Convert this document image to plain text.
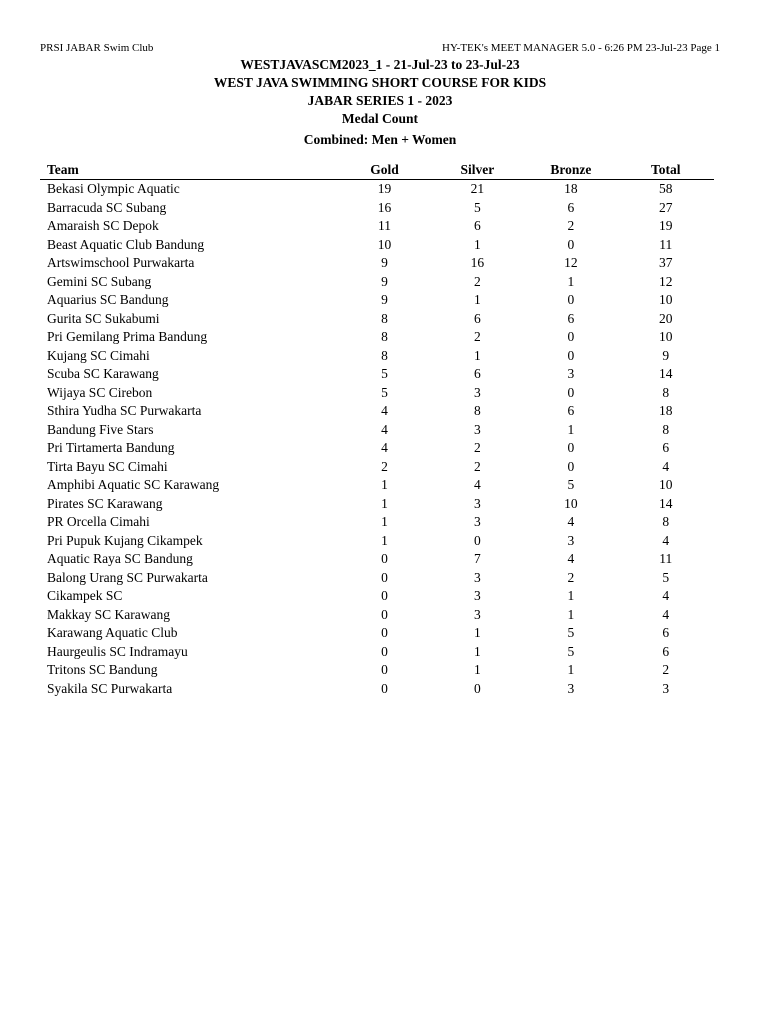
PRSI JABAR Swim Club	HY-TEK's MEET MANAGER 5.0 - 6:26 PM 23-Jul-23 Page 1
WESTJAVASCM2023_1 - 21-Jul-23 to 23-Jul-23
WEST JAVA SWIMMING SHORT COURSE FOR KIDS
JABAR SERIES 1 - 2023
Medal Count
Combined: Men + Women
Team	Gold	Silver	Bronze	Total
Bekasi Olympic Aquatic	19	21	18	58
Barracuda SC Subang	16	5	6	27
Amaraish SC Depok	11	6	2	19
Beast Aquatic Club Bandung	10	1	0	11
Artswimschool Purwakarta	9	16	12	37
Gemini SC Subang	9	2	1	12
Aquarius SC Bandung	9	1	0	10
Gurita SC Sukabumi	8	6	6	20
Pri Gemilang Prima Bandung	8	2	0	10
Kujang SC Cimahi	8	1	0	9
Scuba SC Karawang	5	6	3	14
Wijaya SC Cirebon	5	3	0	8
Sthira Yudha SC Purwakarta	4	8	6	18
Bandung Five Stars	4	3	1	8
Pri Tirtamerta Bandung	4	2	0	6
Tirta Bayu SC Cimahi	2	2	0	4
Amphibi Aquatic SC Karawang	1	4	5	10
Pirates SC Karawang	1	3	10	14
PR Orcella Cimahi	1	3	4	8
Pri Pupuk Kujang Cikampek	1	0	3	4
Aquatic Raya SC Bandung	0	7	4	11
Balong Urang SC Purwakarta	0	3	2	5
Cikampek SC	0	3	1	4
Makkay SC Karawang	0	3	1	4
Karawang Aquatic Club	0	1	5	6
Haurgeulis SC Indramayu	0	1	5	6
Tritons SC Bandung	0	1	1	2
Syakila SC Purwakarta	0	0	3	3
